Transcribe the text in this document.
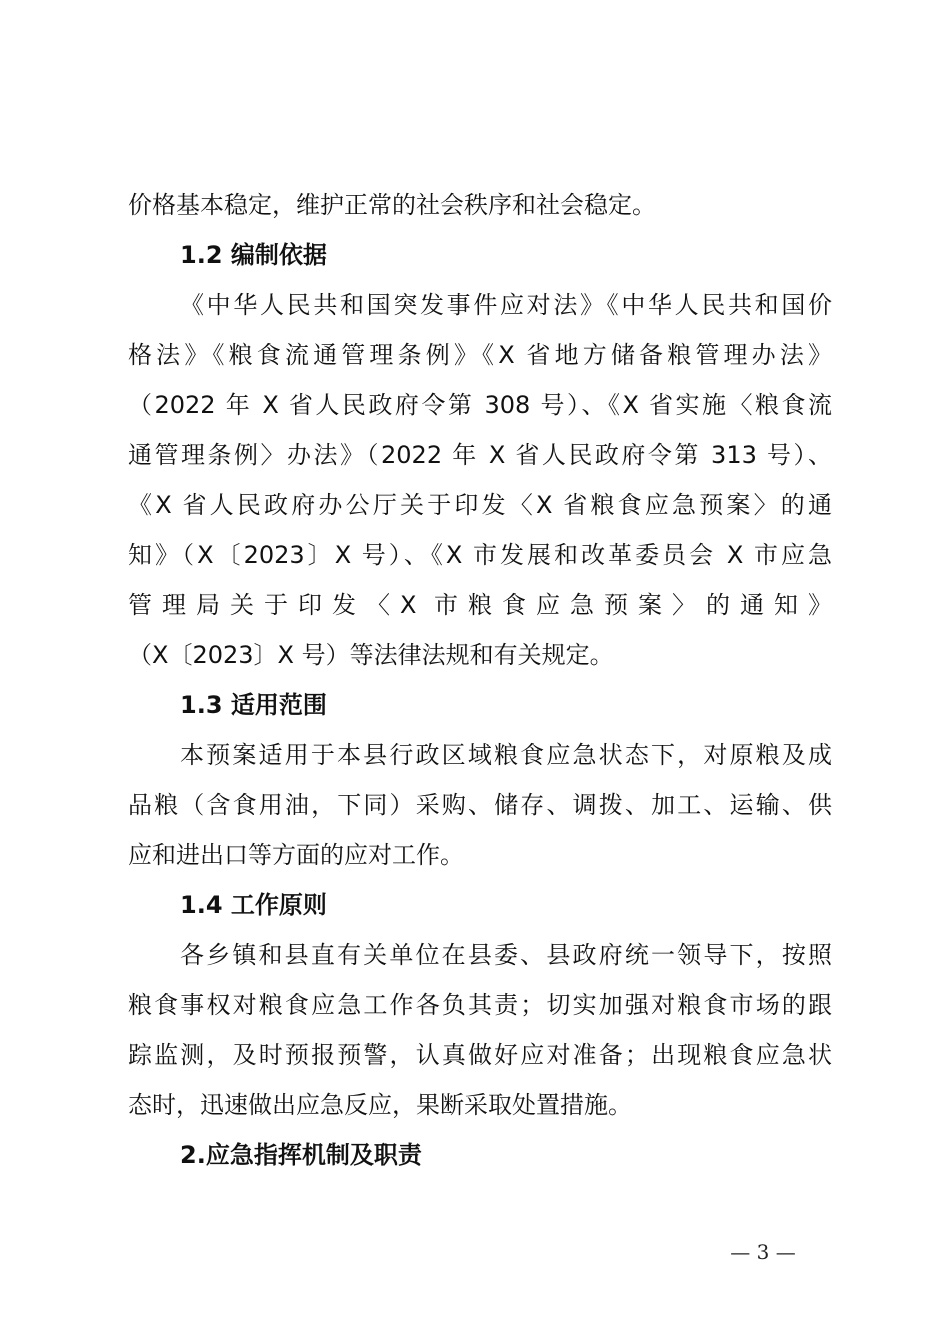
价格基本稳定，维护正常的社会秩序和社会稳定。
1.2 编制依据
《中华人民共和国突发事件应对法》《中华人民共和国价
格法》《粮食流通管理条例》《X 省地方储备粮管理办法》
（2022 年 X 省人民政府令第 308 号）、《X 省实施〈粮食流
通管理条例〉办法》（2022 年 X 省人民政府令第 313 号）、
《X 省人民政府办公厅关于印发〈X 省粮食应急预案〉的通
知》（X〔2023〕X 号）、《X 市发展和改革委员会 X 市应急
管理局关于印发〈X 市粮食应急预案〉的通知》
（X〔2023〕X 号）等法律法规和有关规定。
1.3 适用范围
本预案适用于本县行政区域粮食应急状态下，对原粮及成
品粮（含食用油，下同）采购、储存、调拨、加工、运输、供
应和进出口等方面的应对工作。
1.4 工作原则
各乡镇和县直有关单位在县委、县政府统一领导下，按照
粮食事权对粮食应急工作各负其责；切实加强对粮食市场的跟
踪监测，及时预报预警，认真做好应对准备；出现粮食应急状
态时，迅速做出应急反应，果断采取处置措施。
2.应急指挥机制及职责
— 3 —
